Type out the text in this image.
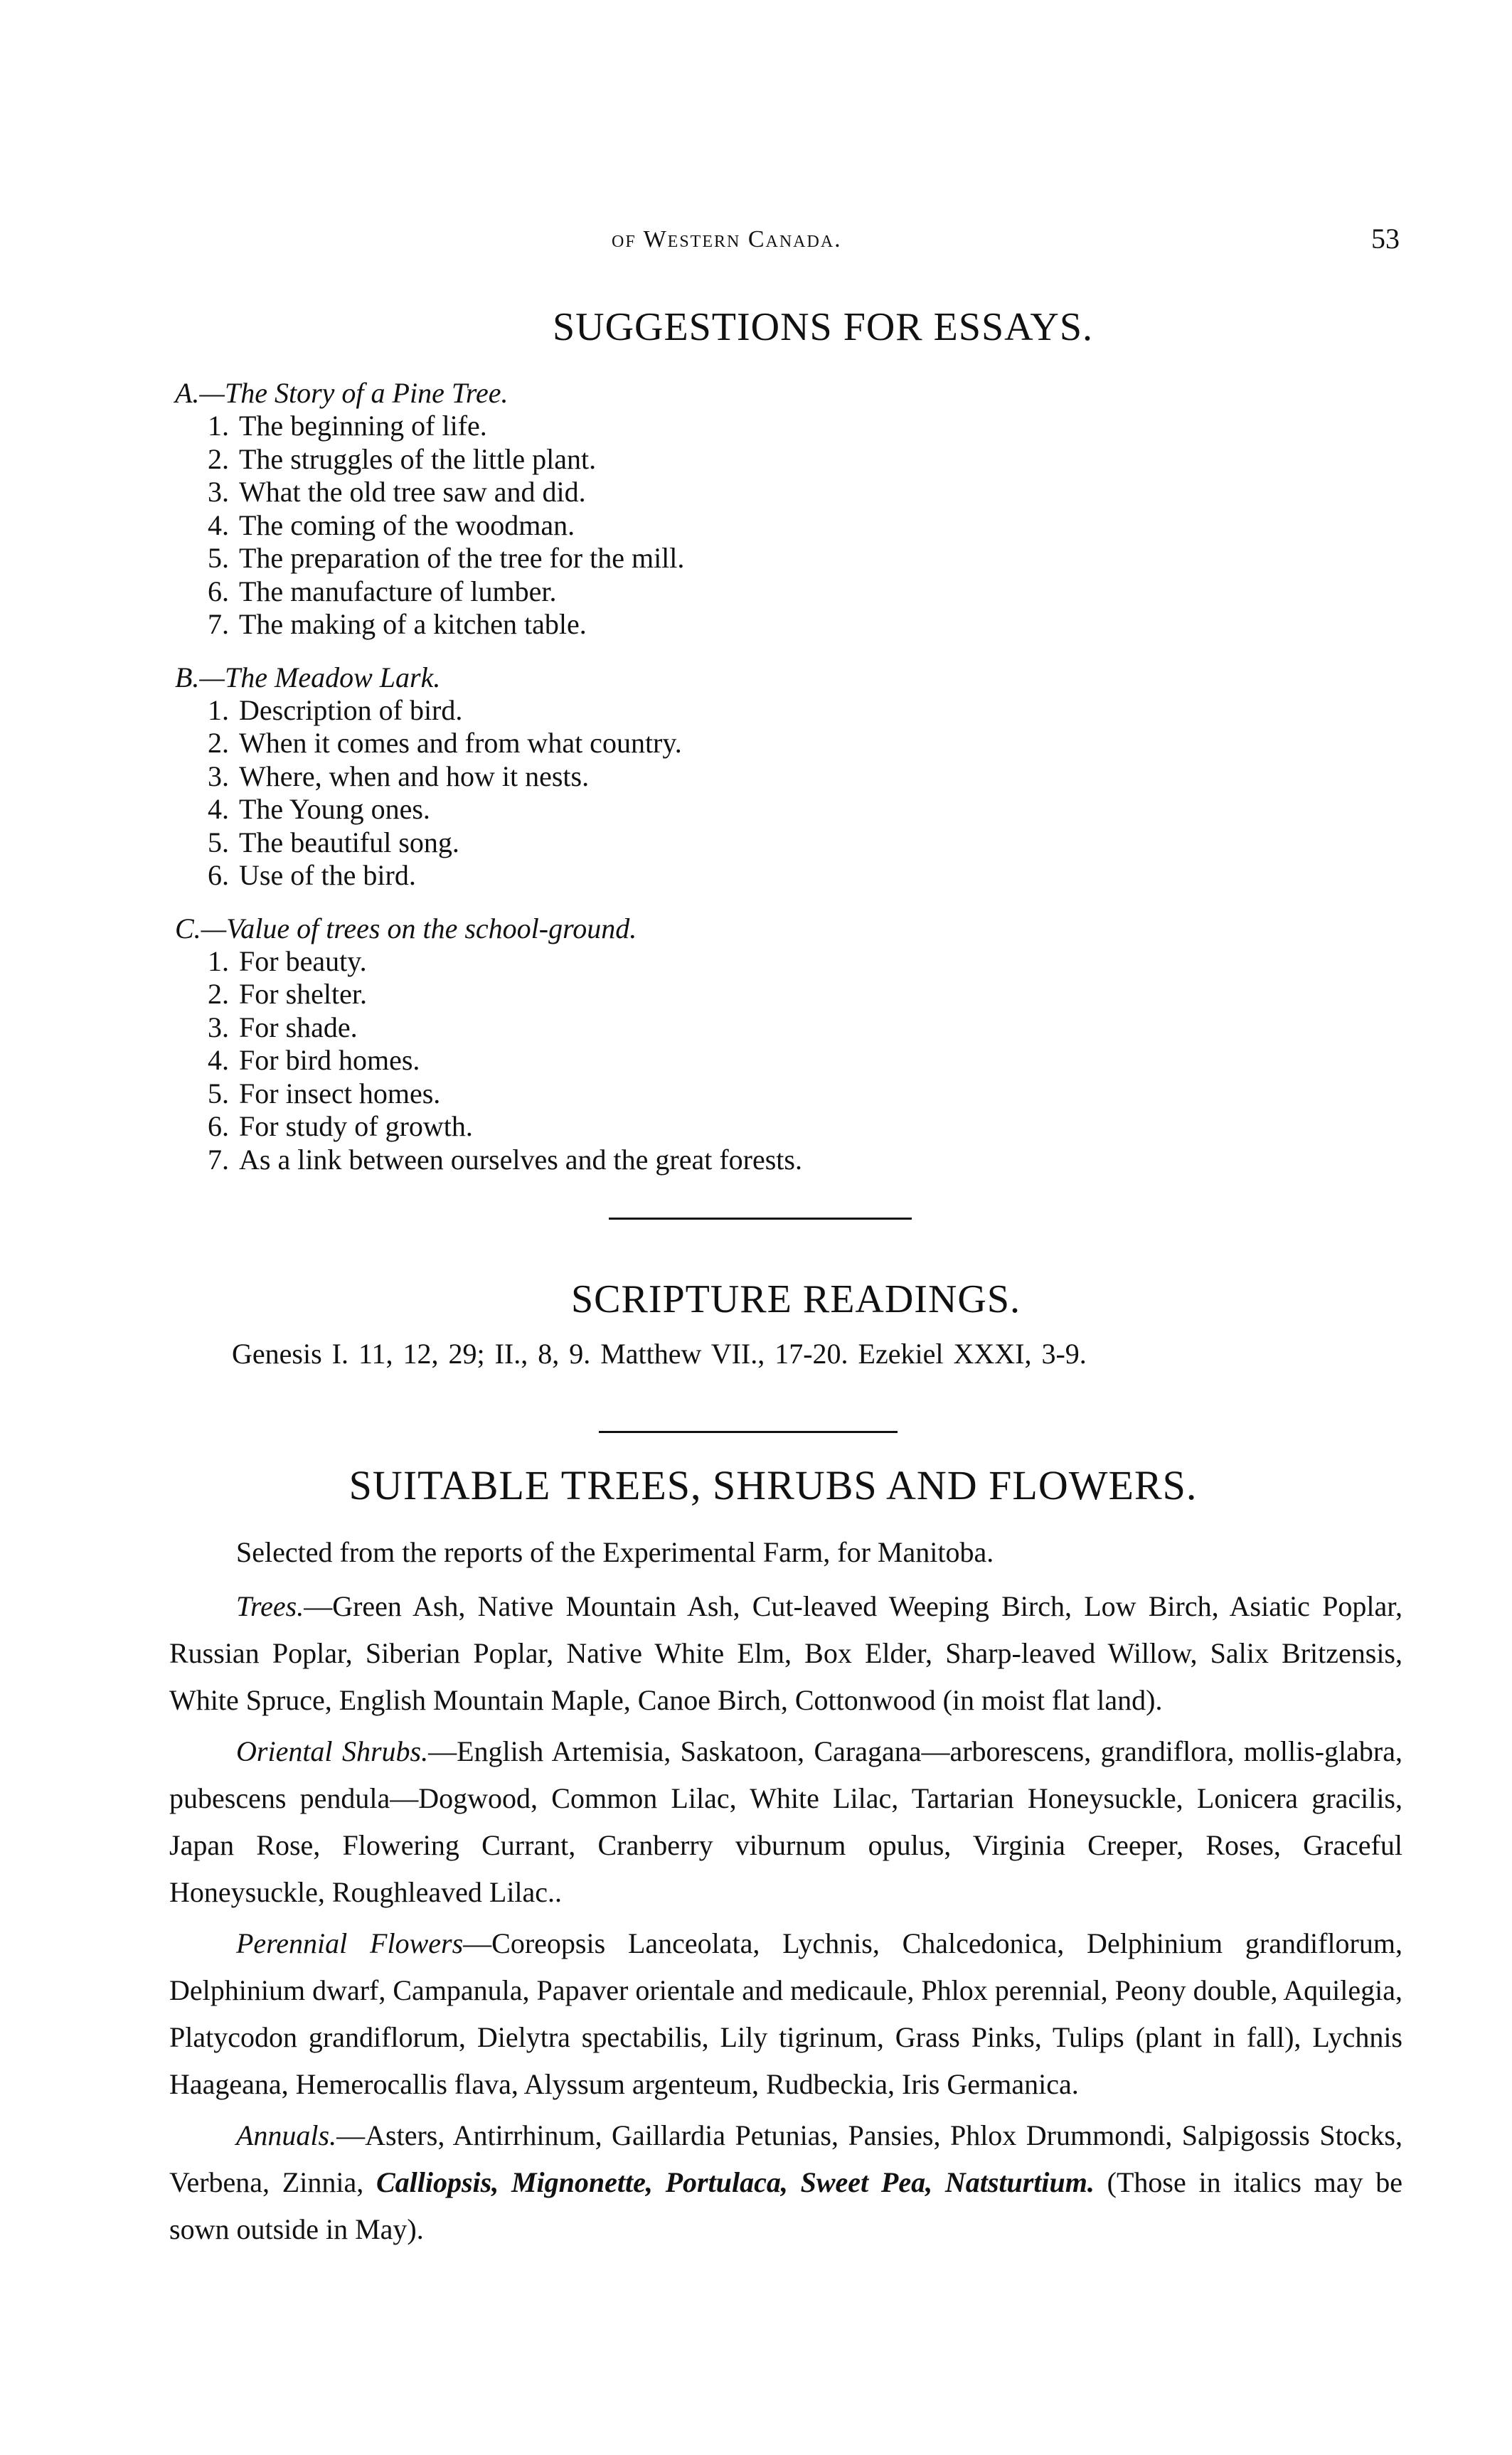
of Western Canada.	53
SUGGESTIONS FOR ESSAYS.
A.—The Story of a Pine Tree.
1. The beginning of life.
2. The struggles of the little plant.
3. What the old tree saw and did.
4. The coming of the woodman.
5. The preparation of the tree for the mill.
6. The manufacture of lumber.
7. The making of a kitchen table.
B.—The Meadow Lark.
1. Description of bird.
2. When it comes and from what country.
3. Where, when and how it nests.
4. The Young ones.
5. The beautiful song.
6. Use of the bird.
C.—Value of trees on the school-ground.
1. For beauty.
2. For shelter.
3. For shade.
4. For bird homes.
5. For insect homes.
6. For study of growth.
7. As a link between ourselves and the great forests.
SCRIPTURE READINGS.
Genesis I. 11, 12, 29; II., 8, 9. Matthew VII., 17-20. Ezekiel XXXI, 3-9.
SUITABLE TREES, SHRUBS AND FLOWERS.

Selected from the reports of the Experimental Farm, for Manitoba.

Trees.—Green Ash, Native Mountain Ash, Cut-leaved Weeping Birch, Low Birch, Asiatic Poplar, Russian Poplar, Siberian Poplar, Native White Elm, Box Elder, Sharp-leaved Willow, Salix Britzensis, White Spruce, English Mountain Maple, Canoe Birch, Cottonwood (in moist flat land).

Oriental Shrubs.—English Artemisia, Saskatoon, Caragana—arborescens, grandiflora, mollis-glabra, pubescens pendula—Dogwood, Common Lilac, White Lilac, Tartarian Honeysuckle, Lonicera gracilis, Japan Rose, Flowering Currant, Cranberry viburnum opulus, Virginia Creeper, Roses, Graceful Honeysuckle, Roughleaved Lilac..

Perennial Flowers—Coreopsis Lanceolata, Lychnis, Chalcedonica, Delphinium grandiflorum, Delphinium dwarf, Campanula, Papaver orientale and medicaule, Phlox perennial, Peony double, Aquilegia, Platycodon grandiflorum, Dielytra spectabilis, Lily tigrinum, Grass Pinks, Tulips (plant in fall), Lychnis Haageana, Hemerocallis flava, Alyssum argenteum, Rudbeckia, Iris Germanica.

Annuals.—Asters, Antirrhinum, Gaillardia Petunias, Pansies, Phlox Drummondi, Salpigossis Stocks, Verbena, Zinnia, Calliopsis, Mignonette, Portulaca, Sweet Pea, Natsturtium. (Those in italics may be sown outside in May).
